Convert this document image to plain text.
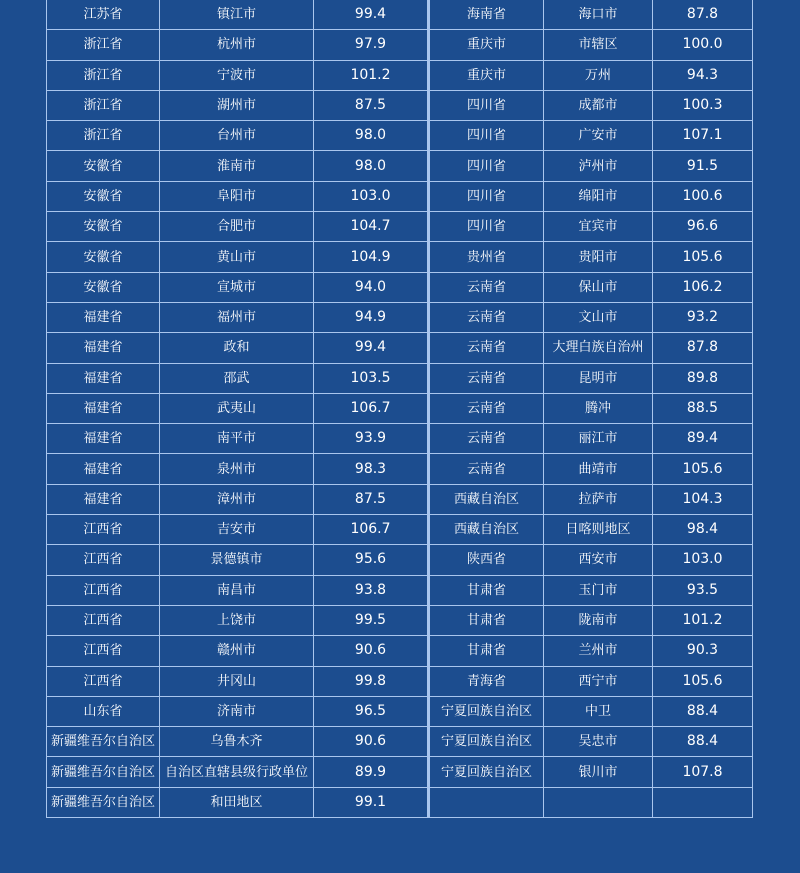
江苏省	镇江市	99.4	海南省	海口市	87.8

浙江省	杭州市	97.9	重庆市	市辖区	100.0

浙江省	宁波市	101.2	重庆市	万州	94.3

浙江省	湖州市	87.5	四川省	成都市	100.3

浙江省	台州市	98.0	四川省	广安市	107.1

安徽省	淮南市	98.0	四川省	泸州市	91.5

安徽省	阜阳市	103.0	四川省	绵阳市	100.6

安徽省	合肥市	104.7	四川省	宜宾市	96.6

安徽省	黄山市	104.9	贵州省	贵阳市	105.6

安徽省	宣城市	94.0	云南省	保山市	106.2

福建省	福州市	94.9	云南省	文山市	93.2

福建省	政和	99.4	云南省	大理白族自治州	87.8

福建省	邵武	103.5	云南省	昆明市	89.8

福建省	武夷山	106.7	云南省	腾冲	88.5

福建省	南平市	93.9	云南省	丽江市	89.4

福建省	泉州市	98.3	云南省	曲靖市	105.6

福建省	漳州市	87.5	西藏自治区	拉萨市	104.3

江西省	吉安市	106.7	西藏自治区	日喀则地区	98.4

江西省	景德镇市	95.6	陕西省	西安市	103.0

江西省	南昌市	93.8	甘肃省	玉门市	93.5

江西省	上饶市	99.5	甘肃省	陇南市	101.2

江西省	赣州市	90.6	甘肃省	兰州市	90.3

江西省	井冈山	99.8	青海省	西宁市	105.6

山东省	济南市	96.5	宁夏回族自治区	中卫	88.4

新疆维吾尔自治区	乌鲁木齐	90.6	宁夏回族自治区	吴忠市	88.4

新疆维吾尔自治区	自治区直辖县级行政单位	89.9	宁夏回族自治区	银川市	107.8

新疆维吾尔自治区	和田地区	99.1			
